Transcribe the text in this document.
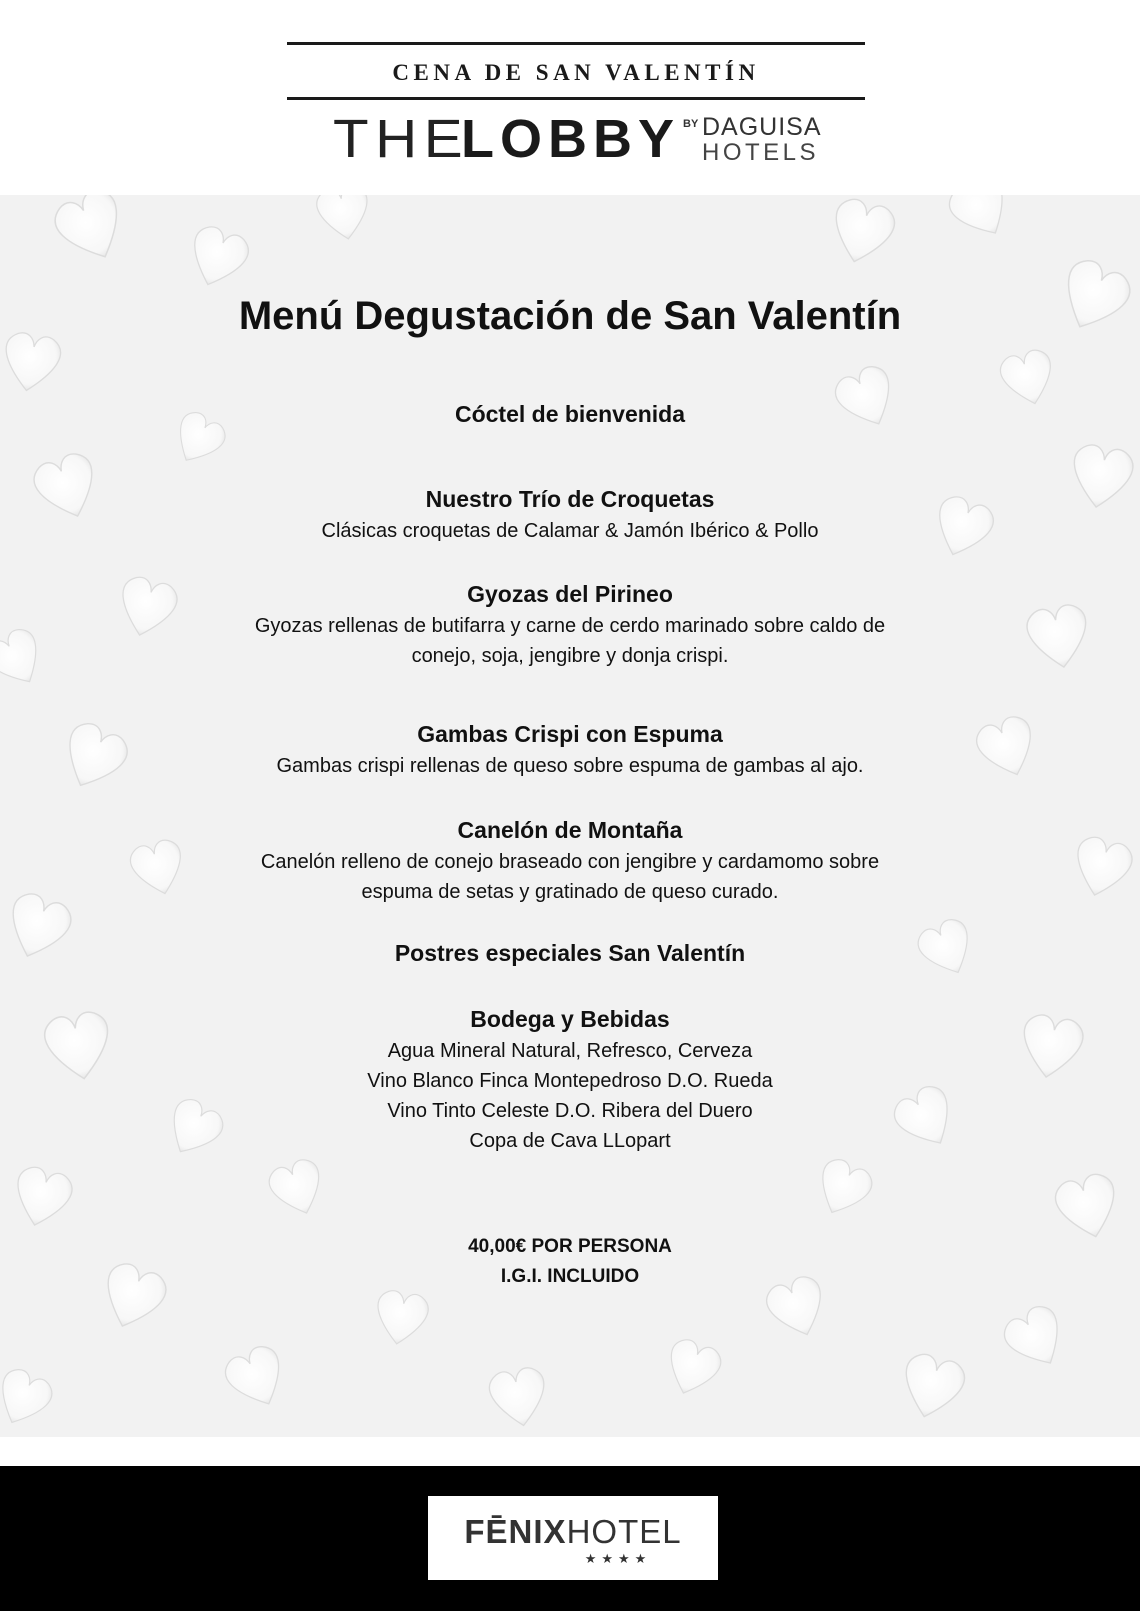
CENA DE SAN VALENTÍN
THE
LOBBY BY DAGUISA
HOTELS
Menú Degustación de San Valentín
Cóctel de bienvenida
Nuestro Trío de Croquetas
Clásicas croquetas de Calamar & Jamón Ibérico & Pollo
Gyozas del Pirineo
Gyozas rellenas de butifarra y carne de cerdo marinado sobre caldo de
conejo, soja, jengibre y donja crispi.
Gambas Crispi con Espuma
Gambas crispi rellenas de queso sobre espuma de gambas al ajo.
Canelón de Montaña
Canelón relleno de conejo braseado con jengibre y cardamomo sobre
espuma de setas y gratinado de queso curado.
Postres especiales San Valentín
Bodega y Bebidas
Agua Mineral Natural, Refresco, Cerveza
Vino Blanco Finca Montepedroso D.O. Rueda
Vino Tinto Celeste D.O. Ribera del Duero
Copa de Cava LLopart
40,00€ POR PERSONA
I.G.I. INCLUIDO
FĒNIXHOTEL
★★★★
